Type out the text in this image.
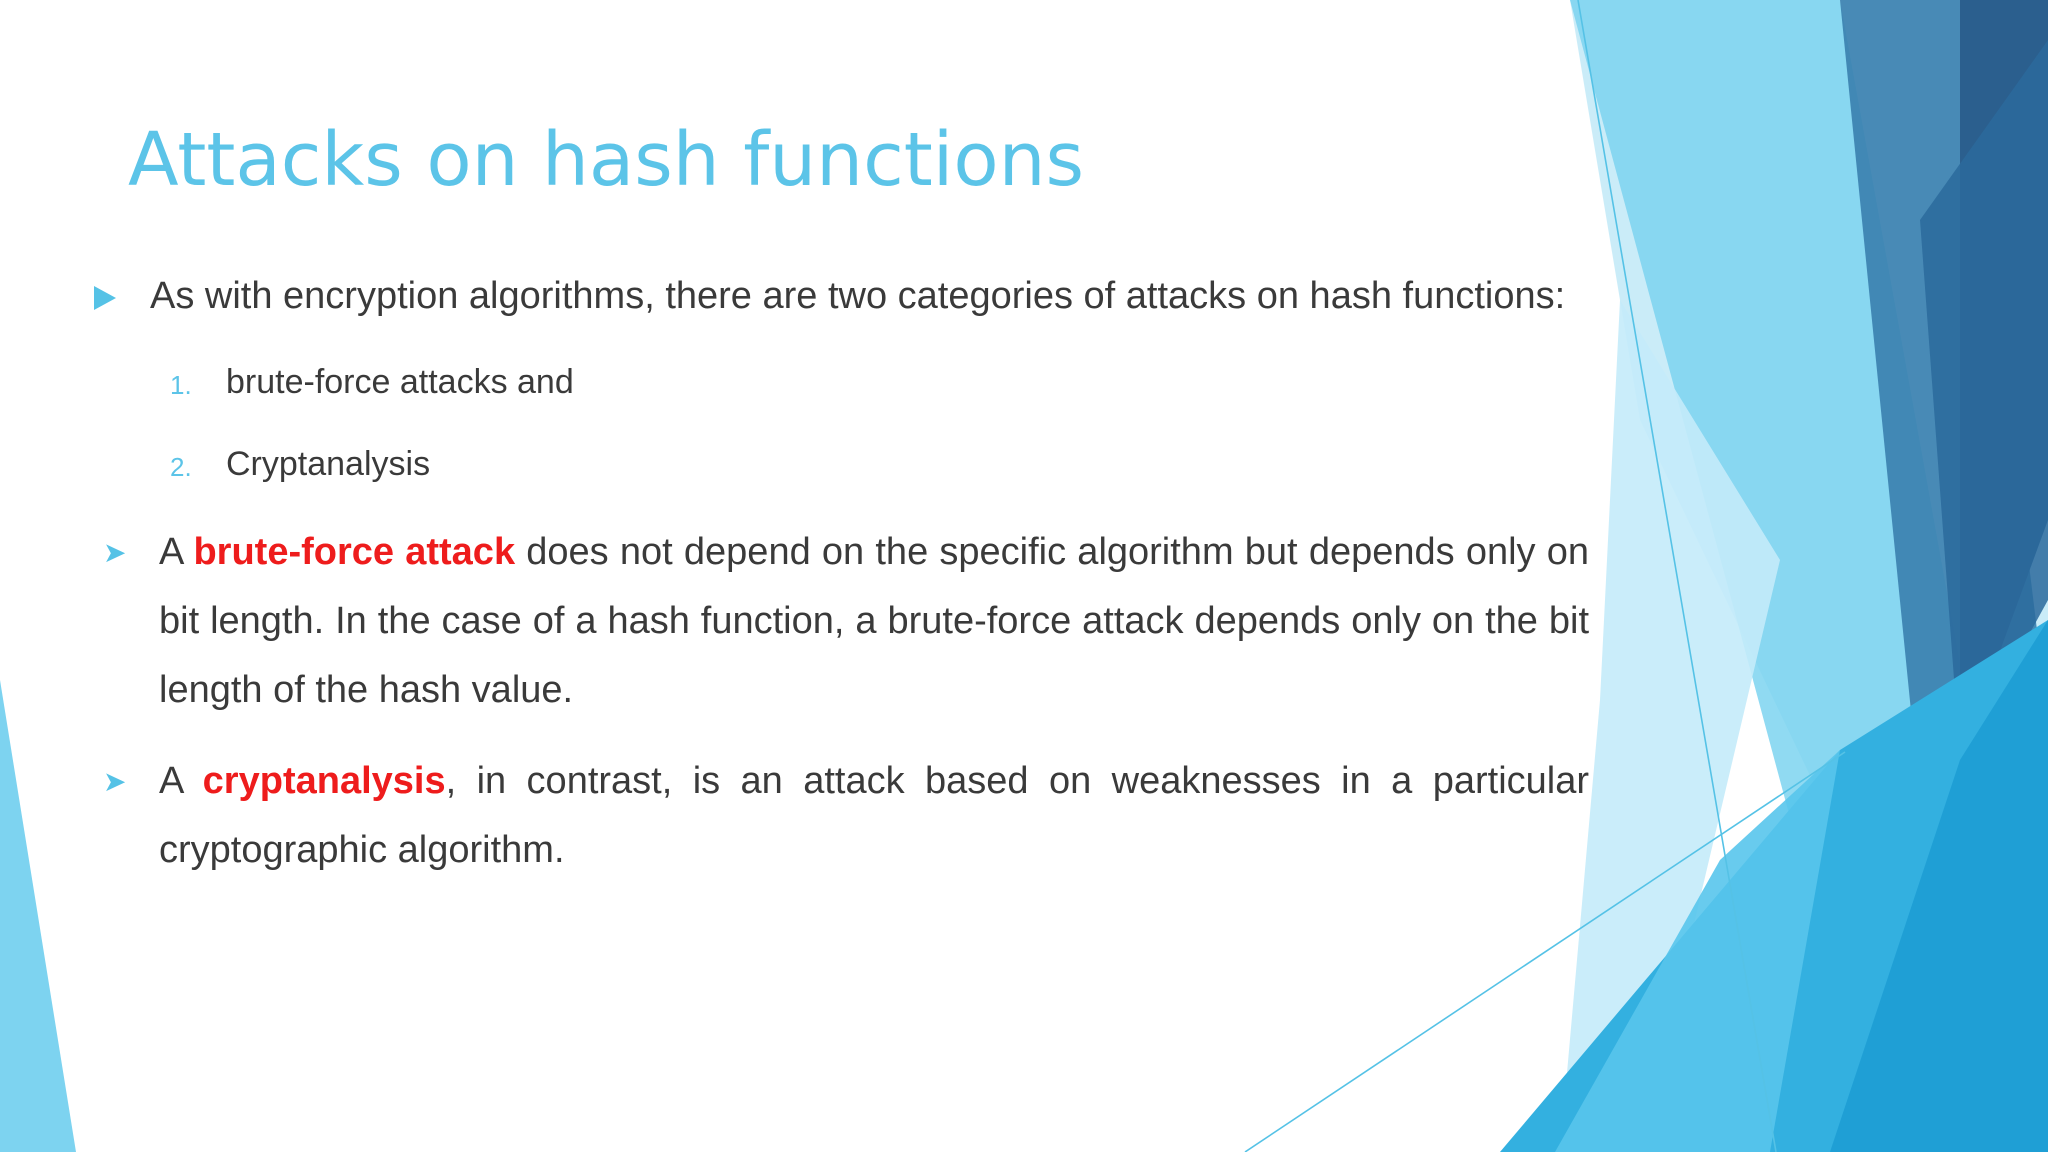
Attacks on hash functions
As with encryption algorithms, there are two categories of attacks on hash functions:
1. brute-force attacks and
2. Cryptanalysis
➤ A brute-force attack does not depend on the specific algorithm but depends only on bit length. In the case of a hash function, a brute-force attack depends only on the bit length of the hash value.
➤ A cryptanalysis, in contrast, is an attack based on weaknesses in a particular cryptographic algorithm.
